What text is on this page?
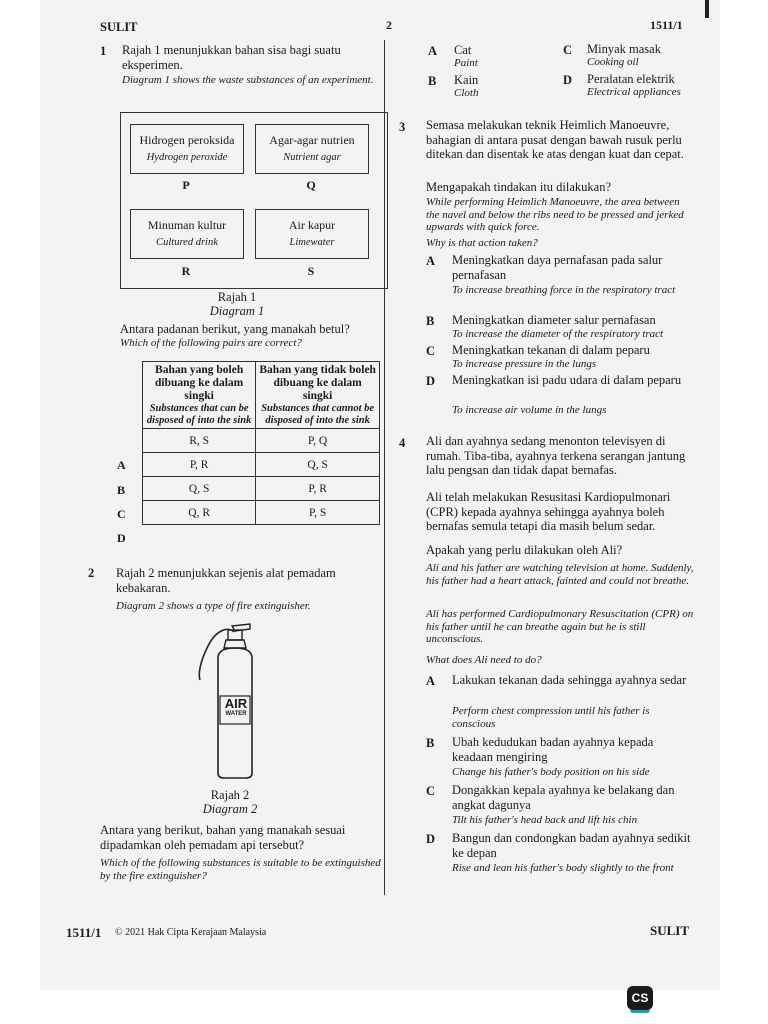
SULIT	2	1511/1
1 Rajah 1 menunjukkan bahan sisa bagi suatu eksperimen.
Diagram 1 shows the waste substances of an experiment.
Hidrogen peroksida
Hydrogen peroxide
Agar-agar nutrien
Nutrient agar
P	Q
Minuman kultur
Cultured drink
Air kapur
Limewater
R	S
Rajah 1
Diagram 1
Antara padanan berikut, yang manakah betul?
Which of the following pairs are correct?
Bahan yang boleh dibuang ke dalam singki
Substances that can be disposed of into the sink	Bahan yang tidak boleh dibuang ke dalam singki
Substances that cannot be disposed of into the sink

R, S	P, Q
P, R	Q, S
Q, S	P, R
Q, R	P, S
A
B
C
D
2 Rajah 2 menunjukkan sejenis alat pemadam kebakaran.
Diagram 2 shows a type of fire extinguisher.
AIR
WATER
Rajah 2
Diagram 2
Antara yang berikut, bahan yang manakah sesuai dipadamkan oleh pemadam api tersebut?
Which of the following substances is suitable to be extinguished by the fire extinguisher?
A Cat
Paint
B Kain
Cloth
C Minyak masak
Cooking oil
D Peralatan elektrik
Electrical appliances
3 Semasa melakukan teknik Heimlich Manoeuvre, bahagian di antara pusat dengan bawah rusuk perlu ditekan dan disentak ke atas dengan kuat dan cepat.
Mengapakah tindakan itu dilakukan?
While performing Heimlich Manoeuvre, the area between the navel and below the ribs need to be pressed and jerked upwards with quick force.
Why is that action taken?
A Meningkatkan daya pernafasan pada salur pernafasan
To increase breathing force in the respiratory tract
B Meningkatkan diameter salur pernafasan
To increase the diameter of the respiratory tract
C Meningkatkan tekanan di dalam peparu
To increase pressure in the lungs
D Meningkatkan isi padu udara di dalam peparu
To increase air volume in the lungs
4 Ali dan ayahnya sedang menonton televisyen di rumah. Tiba-tiba, ayahnya terkena serangan jantung lalu pengsan dan tidak dapat bernafas.
Ali telah melakukan Resusitasi Kardiopulmonari (CPR) kepada ayahnya sehingga ayahnya boleh bernafas semula tetapi dia masih belum sedar.
Apakah yang perlu dilakukan oleh Ali?
Ali and his father are watching television at home. Suddenly, his father had a heart attack, fainted and could not breathe.
Ali has performed Cardiopulmonary Resuscitation (CPR) on his father until he can breathe again but he is still unconscious.
What does Ali need to do?
A Lakukan tekanan dada sehingga ayahnya sedar
Perform chest compression until his father is conscious
B Ubah kedudukan badan ayahnya kepada keadaan mengiring
Change his father's body position on his side
C Dongakkan kepala ayahnya ke belakang dan angkat dagunya
Tilt his father's head back and lift his chin
D Bangun dan condongkan badan ayahnya sedikit ke depan
Rise and lean his father's body slightly to the front
1511/1 © 2021 Hak Cipta Kerajaan Malaysia	SULIT
CS
